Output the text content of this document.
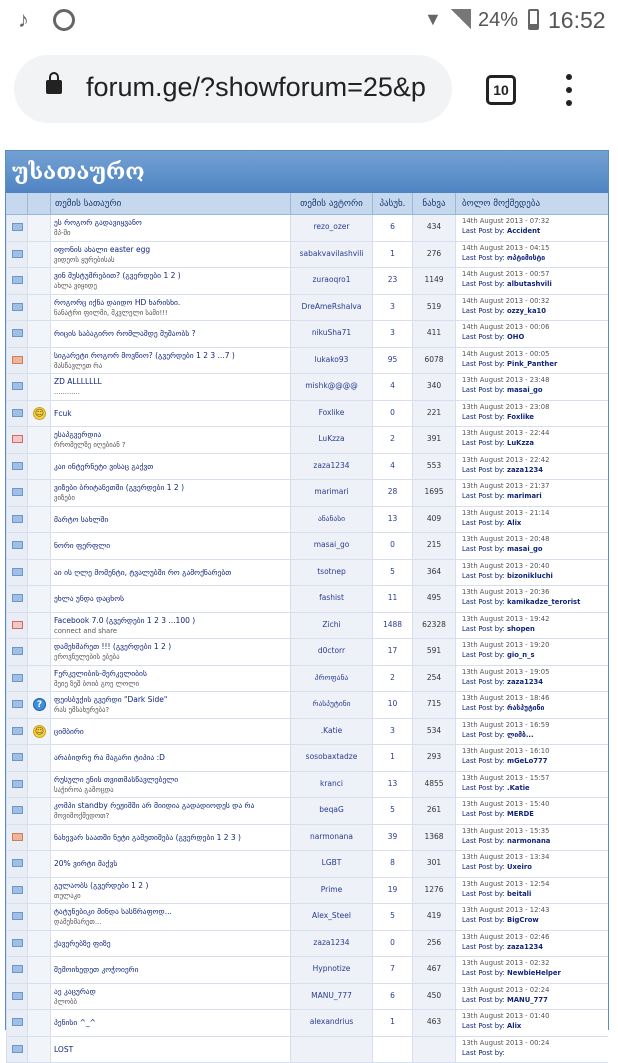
♪	▼ 24% 16:52
forum.ge/?showforum=25&p	10
უსათაურო
თემის სათაური	თემის ავტორი	პასუხ.	ნახვა	ბოლო მოქმედება
ეს როგორ გადავიყვანო
მპ-ში
rezo_ozer	6	434
14th August 2013 - 07:32
Last Post by: Accident
იფონის ახალი easter egg
ვიდეოს ყურებისას
sabakvavilashvili	1	276
14th August 2013 - 04:15
Last Post by: ოპტიმისტი
ვინ მუსტუმრებით? (გვერდები 1 2 )
ახლა ვიყიდე
zuraoqro1	23	1149
14th August 2013 - 00:57
Last Post by: albutashvili
როგორც იქნა დაიდო HD ხარისხი.
ნანატრი ფილმი, მკვლელი სამი!!!
DreAmeRshalva	3	519
14th August 2013 - 00:32
Last Post by: ozzy_ka10
რიცის საბაგირო რომლამდე მუშაობს ?	nikuSha71	3	411
14th August 2013 - 00:06
Last Post by: OHO
სიგარეტი როგორ მოვწიო? (გვერდები 1 2 3 ...7 )
მასწავლეთ რა
lukako93	95	6078
14th August 2013 - 00:05
Last Post by: Pink_Panther
ZD ALLLLLLL
............
mishk@@@@	4	340
13th August 2013 - 23:48
Last Post by: masai_go
☺ Fcuk	Foxlike	0	221
13th August 2013 - 23:08
Last Post by: Foxlike
ესაპგვერდია
რრომელზე იღებიან ?
LuKzza	2	391
13th August 2013 - 22:44
Last Post by: LuKzza
კაი ინტერნეტი ვისაც გაქვთ	zaza1234	4	553
13th August 2013 - 22:42
Last Post by: zaza1234
ვიზები ბრიტანეთში (გვერდები 1 2 )
ვიზები
marimari	28	1695
13th August 2013 - 21:37
Last Post by: marimari
მარტო სახლში	ანანასი	13	409
13th August 2013 - 21:14
Last Post by: Alix
ნორი ფერფლი	masai_go	0	215
13th August 2013 - 20:48
Last Post by: masai_go
აი ის ღლე მომენტი, ტვალუბში რო გამოქნარებთ	tsotnep	5	364
13th August 2013 - 20:40
Last Post by: bizonikluchi
ეხლა უნდა დაცხოს	fashist	11	495
13th August 2013 - 20:36
Last Post by: kamikadze_terorist
Facebook 7.0 (გვერდები 1 2 3 ...100 )
connect and share
Zichi	1488	62328
13th August 2013 - 19:42
Last Post by: shopen
დამეხმარეთ !!! (გვერდები 1 2 )
ეროვნულების ებება
d0ctorr	17	591
13th August 2013 - 19:20
Last Post by: gio_n_s
Fერკელიბის-მერკელიბის
მეიე ზეშ ბოიბ გოე ლოლი
პროფანა	2	254
13th August 2013 - 19:05
Last Post by: zaza1234
?
ფეისბუქის გვერდი "Dark Side"
რას ემსახურება?
რასპუტინი	10	715
13th August 2013 - 18:46
Last Post by: რასპუტინი
☺ ციმბირი	.Katie	3	534
13th August 2013 - 16:59
Last Post by: ლიმბ...
არაბიდრე რა მაგარი ტიპია :D	sosobaxtadze	1	293
13th August 2013 - 16:10
Last Post by: mGeLo777
რუსული ენის თვითმასწავლებელი
საჭიროა გამოცდა
kranci	13	4855
13th August 2013 - 15:57
Last Post by: .Katie
კომპი standby რეჟიმში არ მიიდია გადადიოდეს და რა
მოვიმოქმედოთ?
beqaG	5	261
13th August 2013 - 15:40
Last Post by: MERDE
ნახევარ საათში ნეტი გამეთიშება (გვერდები 1 2 3 )	narmonana	39	1368
13th August 2013 - 15:35
Last Post by: narmonana
20% ვირტი მაქვს	LGBT	8	301
13th August 2013 - 13:34
Last Post by: Uxeiro
გულაობს (გვერდები 1 2 )
თულაკი
Prime	19	1276
13th August 2013 - 12:54
Last Post by: beitali
ტატუნებიკი მინდა სასწრაფოდ...
დამეხმარეთ...
Alex_Steel	5	419
13th August 2013 - 12:43
Last Post by: BigCrow
ქავერებზე ფიზე	zaza1234	0	256
13th August 2013 - 02:46
Last Post by: zaza1234
შემოიხედეთ კოჭოიერი	Hypnotize	7	467
13th August 2013 - 02:32
Last Post by: NewbieHelper
აე კაცურად
პლობბ
MANU_777	6	450
13th August 2013 - 02:24
Last Post by: MANU_777
პენისი ^_^	alexandrius	1	463
13th August 2013 - 01:40
Last Post by: Alix
LOST
13th August 2013 - 00:24
Last Post by:
